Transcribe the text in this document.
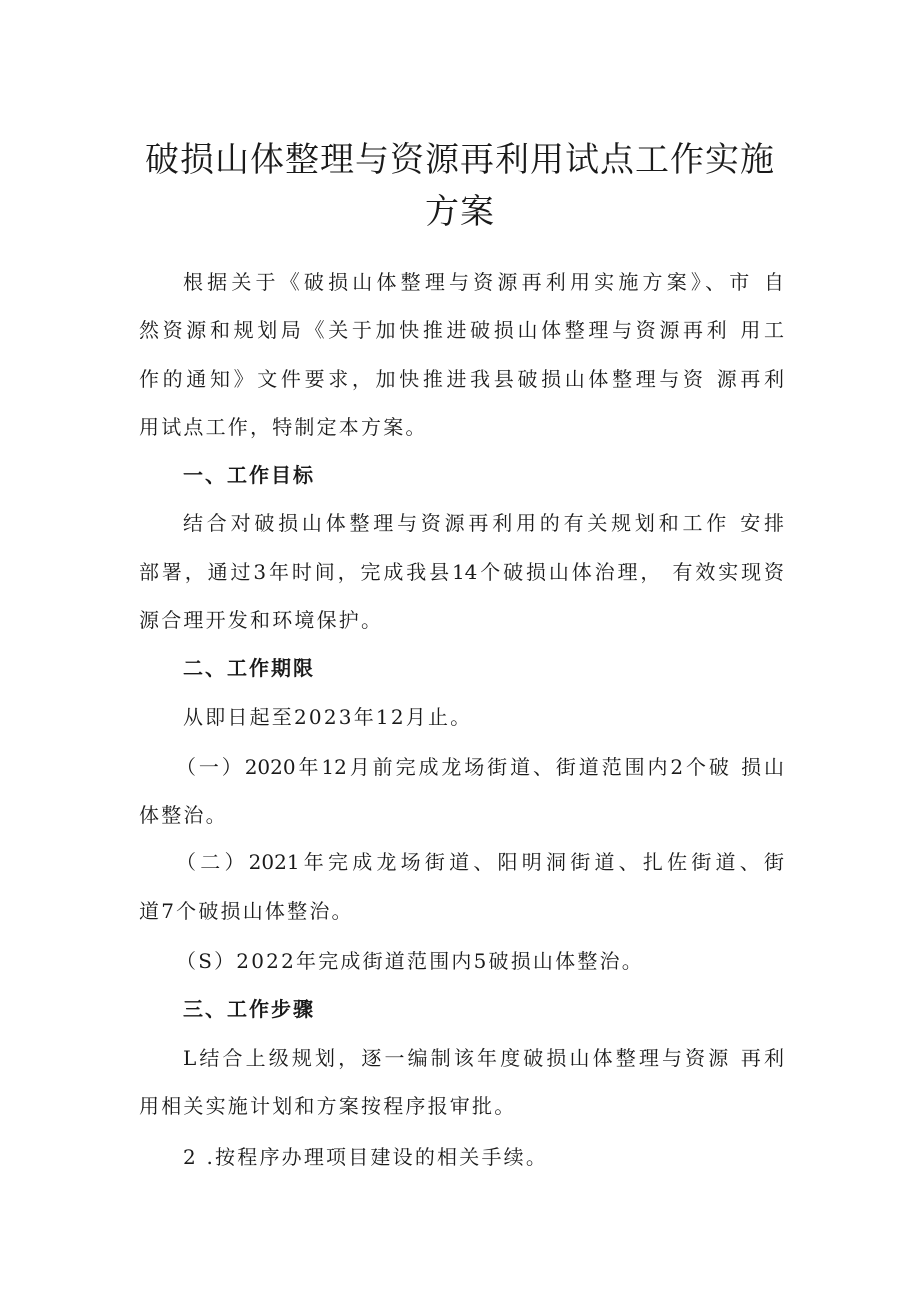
破损山体整理与资源再利用试点工作实施
方案

根据关于《破损山体整理与资源再利用实施方案》、市 自

然资源和规划局《关于加快推进破损山体整理与资源再利 用工

作的通知》文件要求，加快推进我县破损山体整理与资 源再利

用试点工作，特制定本方案。

一、工作目标

结合对破损山体整理与资源再利用的有关规划和工作 安排

部署，通过3年时间，完成我县14个破损山体治理， 有效实现资

源合理开发和环境保护。

二、工作期限

从即日起至2023年12月止。

（一）2020年12月前完成龙场街道、街道范围内2个破 损山

体整治。

（二）2021年完成龙场街道、阳明洞街道、扎佐街道、街

道7个破损山体整治。

（S）2022年完成街道范围内5破损山体整治。

三、工作步骤

L结合上级规划，逐一编制该年度破损山体整理与资源 再利

用相关实施计划和方案按程序报审批。

2 .按程序办理项目建设的相关手续。
